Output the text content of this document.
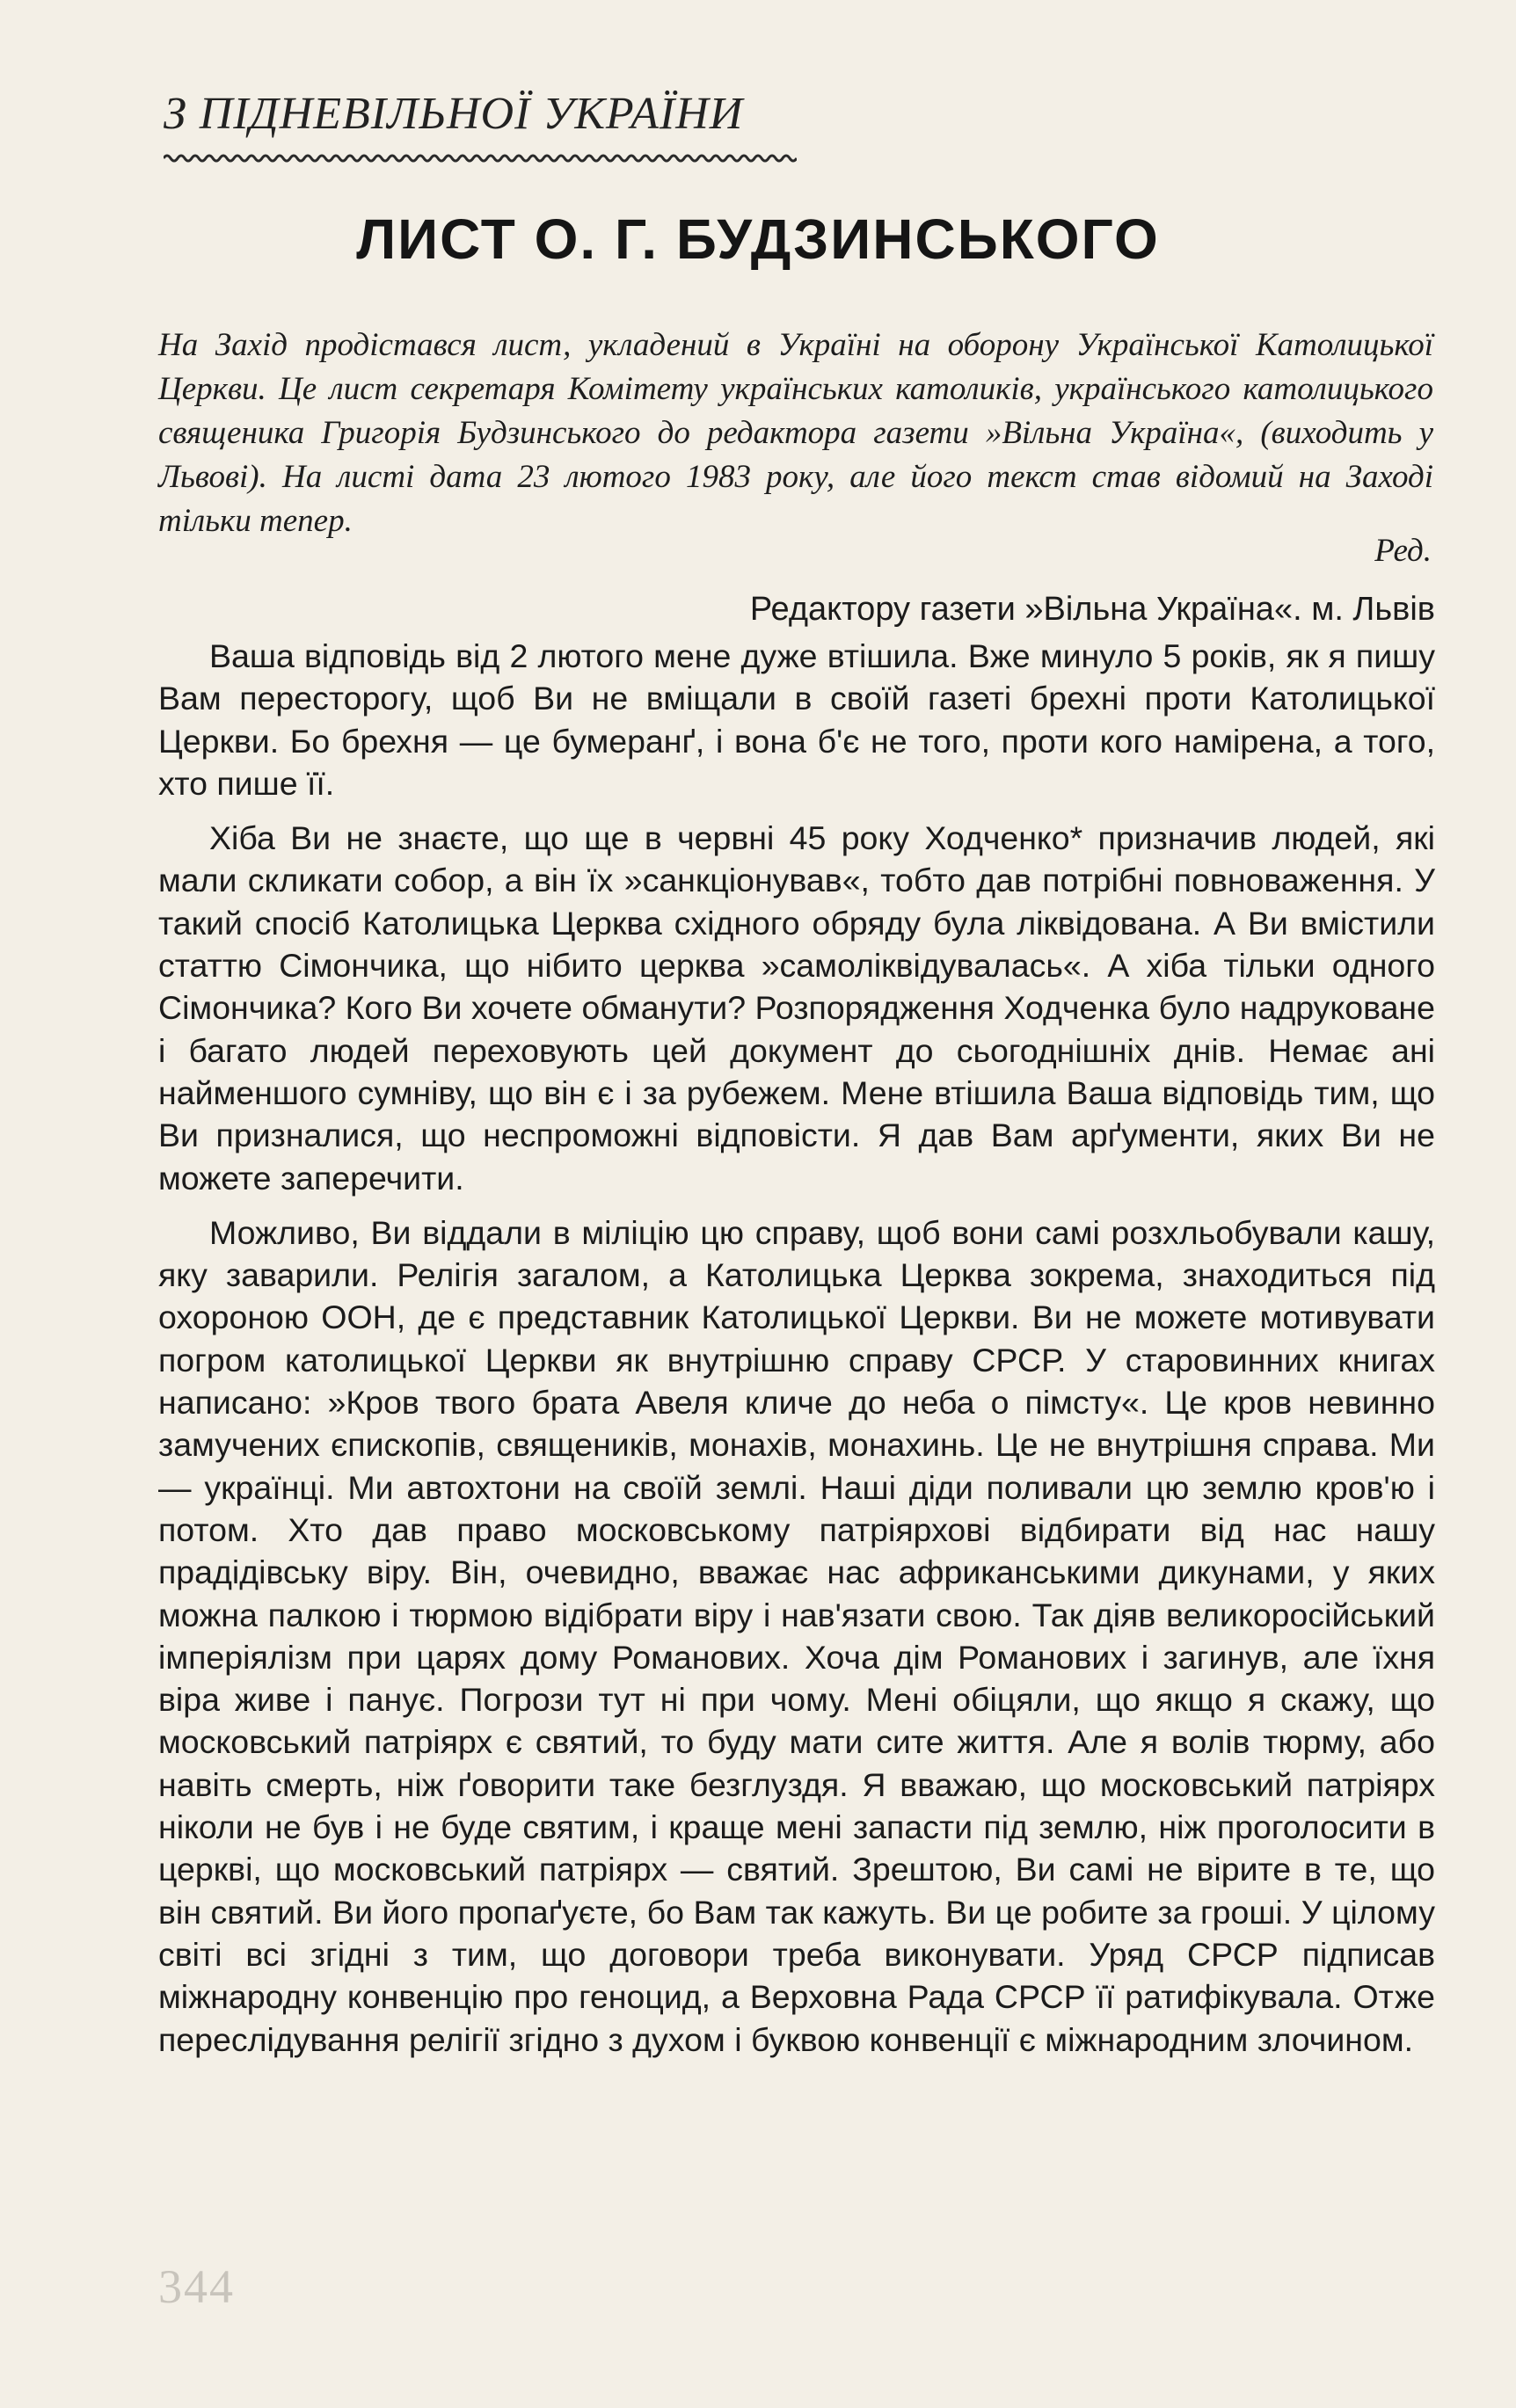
З ПІДНЕВІЛЬНОЇ УКРАЇНИ
ЛИСТ О. Г. БУДЗИНСЬКОГО

На Захід продістався лист, укладений в Україні на оборону Української Католицької Церкви. Це лист секретаря Комітету українських католиків, українського католицького священика Григорія Будзинського до редактора газети »Вільна Україна«, (виходить у Львові). На листі дата 23 лютого 1983 року, але його текст став відомий на Заході тільки тепер.

Ред.
Редактору газети »Вільна Україна«. м. Львів

Ваша відповідь від 2 лютого мене дуже втішила. Вже минуло 5 років, як я пишу Вам пересторогу, щоб Ви не вміщали в своїй газеті брехні проти Католицької Церкви. Бо брехня — це бумеранґ, і вона б'є не того, проти кого намірена, а того, хто пише її.

Хіба Ви не знаєте, що ще в червні 45 року Ходченко* призначив людей, які мали скликати собор, а він їх »санкціонував«, тобто дав потрібні повноваження. У такий спосіб Католицька Церква східного обряду була ліквідована. А Ви вмістили статтю Сімончика, що нібито церква »самоліквідувалась«. А хіба тільки одного Сімончика? Кого Ви хочете обманути? Розпорядження Ходченка було надруковане і багато людей переховують цей документ до сьогоднішніх днів. Немає ані найменшого сумніву, що він є і за рубежем. Мене втішила Ваша відповідь тим, що Ви призналися, що неспроможні відповісти. Я дав Вам арґументи, яких Ви не можете заперечити.

Можливо, Ви віддали в міліцію цю справу, щоб вони самі розхльобували кашу, яку заварили. Релігія загалом, а Католицька Церква зокрема, знаходиться під охороною ООН, де є представник Католицької Церкви. Ви не можете мотивувати погром католицької Церкви як внутрішню справу СРСР. У старовинних книгах написано: »Кров твого брата Авеля кличе до неба о пімсту«. Це кров невинно замучених єпископів, священиків, монахів, монахинь. Це не внутрішня справа. Ми — українці. Ми автохтони на своїй землі. Наші діди поливали цю землю кров'ю і потом. Хто дав право московському патріярхові відбирати від нас нашу прадідівську віру. Він, очевидно, вважає нас африканськими дикунами, у яких можна палкою і тюрмою відібрати віру і нав'язати свою. Так діяв великоросійський імперіялізм при царях дому Романових. Хоча дім Романових і загинув, але їхня віра живе і панує. Погрози тут ні при чому. Мені обіцяли, що якщо я скажу, що московський патріярх є святий, то буду мати сите життя. Але я волів тюрму, або навіть смерть, ніж ґоворити таке безглуздя. Я вважаю, що московський патріярх ніколи не був і не буде святим, і краще мені запасти під землю, ніж проголосити в церкві, що московський патріярх — святий. Зрештою, Ви самі не вірите в те, що він святий. Ви його пропаґуєте, бо Вам так кажуть. Ви це робите за гроші. У цілому світі всі згідні з тим, що договори треба виконувати. Уряд СРСР підписав міжнародну конвенцію про геноцид, а Верховна Рада СРСР її ратифікувала. Отже переслідування релігії згідно з духом і буквою конвенції є міжнародним злочином.

344
